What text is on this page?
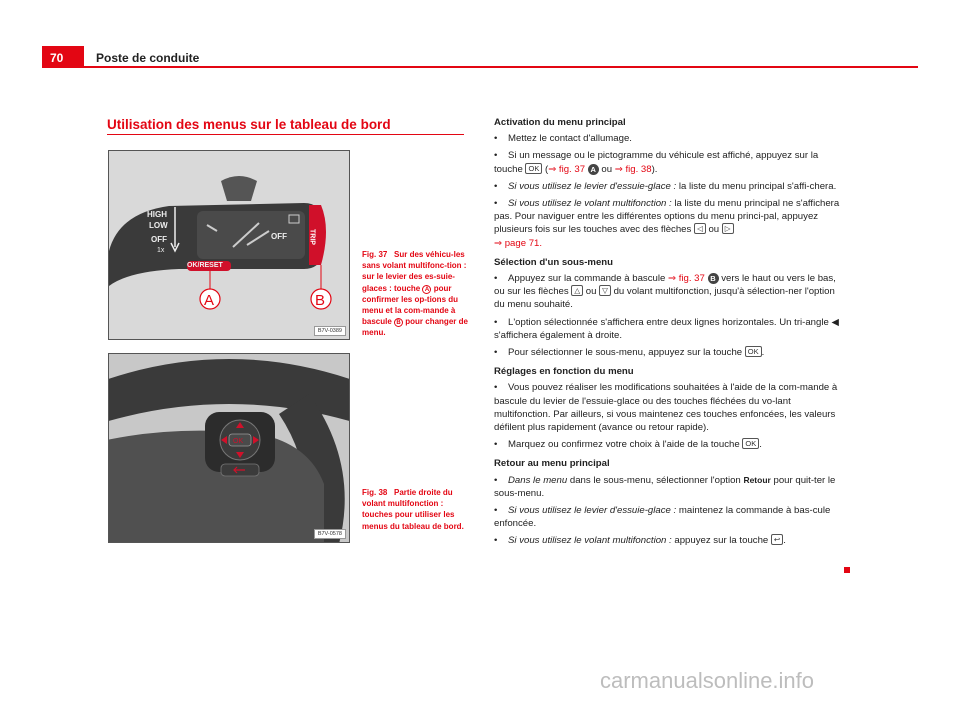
70	Poste de conduite
Utilisation des menus sur le tableau de bord
HIGH
LOW
OFF
1x
OFF	TRIP
OK/RESET
A	B
B7V-0389
Fig. 37 Sur des véhicu-les sans volant multifonc-tion : sur le levier des es-suie-glaces : touche A pour confirmer les op-tions du menu et la com-mande à bascule B pour changer de menu.
OK
B7V-0578
Fig. 38 Partie droite du volant multifonction : touches pour utiliser les menus du tableau de bord.
Activation du menu principal

• Mettez le contact d'allumage.

• Si un message ou le pictogramme du véhicule est affiché, appuyez sur la touche OK (⇒ fig. 37 A ou ⇒ fig. 38).

• Si vous utilisez le levier d'essuie-glace : la liste du menu principal s'affi-chera.

• Si vous utilisez le volant multifonction : la liste du menu principal ne s'affichera pas. Pour naviguer entre les différentes options du menu princi-pal, appuyez plusieurs fois sur les touches avec des flèches ◁ ou ▷
⇒ page 71.

Sélection d'un sous-menu

• Appuyez sur la commande à bascule ⇒ fig. 37 B vers le haut ou vers le bas, ou sur les flèches △ ou ▽ du volant multifonction, jusqu'à sélection-ner l'option du menu souhaité.

• L'option sélectionnée s'affichera entre deux lignes horizontales. Un tri-angle ◀ s'affichera également à droite.

• Pour sélectionner le sous-menu, appuyez sur la touche OK .

Réglages en fonction du menu

• Vous pouvez réaliser les modifications souhaitées à l'aide de la com-mande à bascule du levier de l'essuie-glace ou des touches fléchées du vo-lant multifonction. Par ailleurs, si vous maintenez ces touches enfoncées, les valeurs défilent plus rapidement (avance ou retour rapide).

• Marquez ou confirmez votre choix à l'aide de la touche OK .

Retour au menu principal

• Dans le menu dans le sous-menu, sélectionner l'option Retour pour quit-ter le sous-menu.

• Si vous utilisez le levier d'essuie-glace : maintenez la commande à bas-cule enfoncée.

• Si vous utilisez le volant multifonction : appuyez sur la touche ↩ .

carmanualsonline.info
